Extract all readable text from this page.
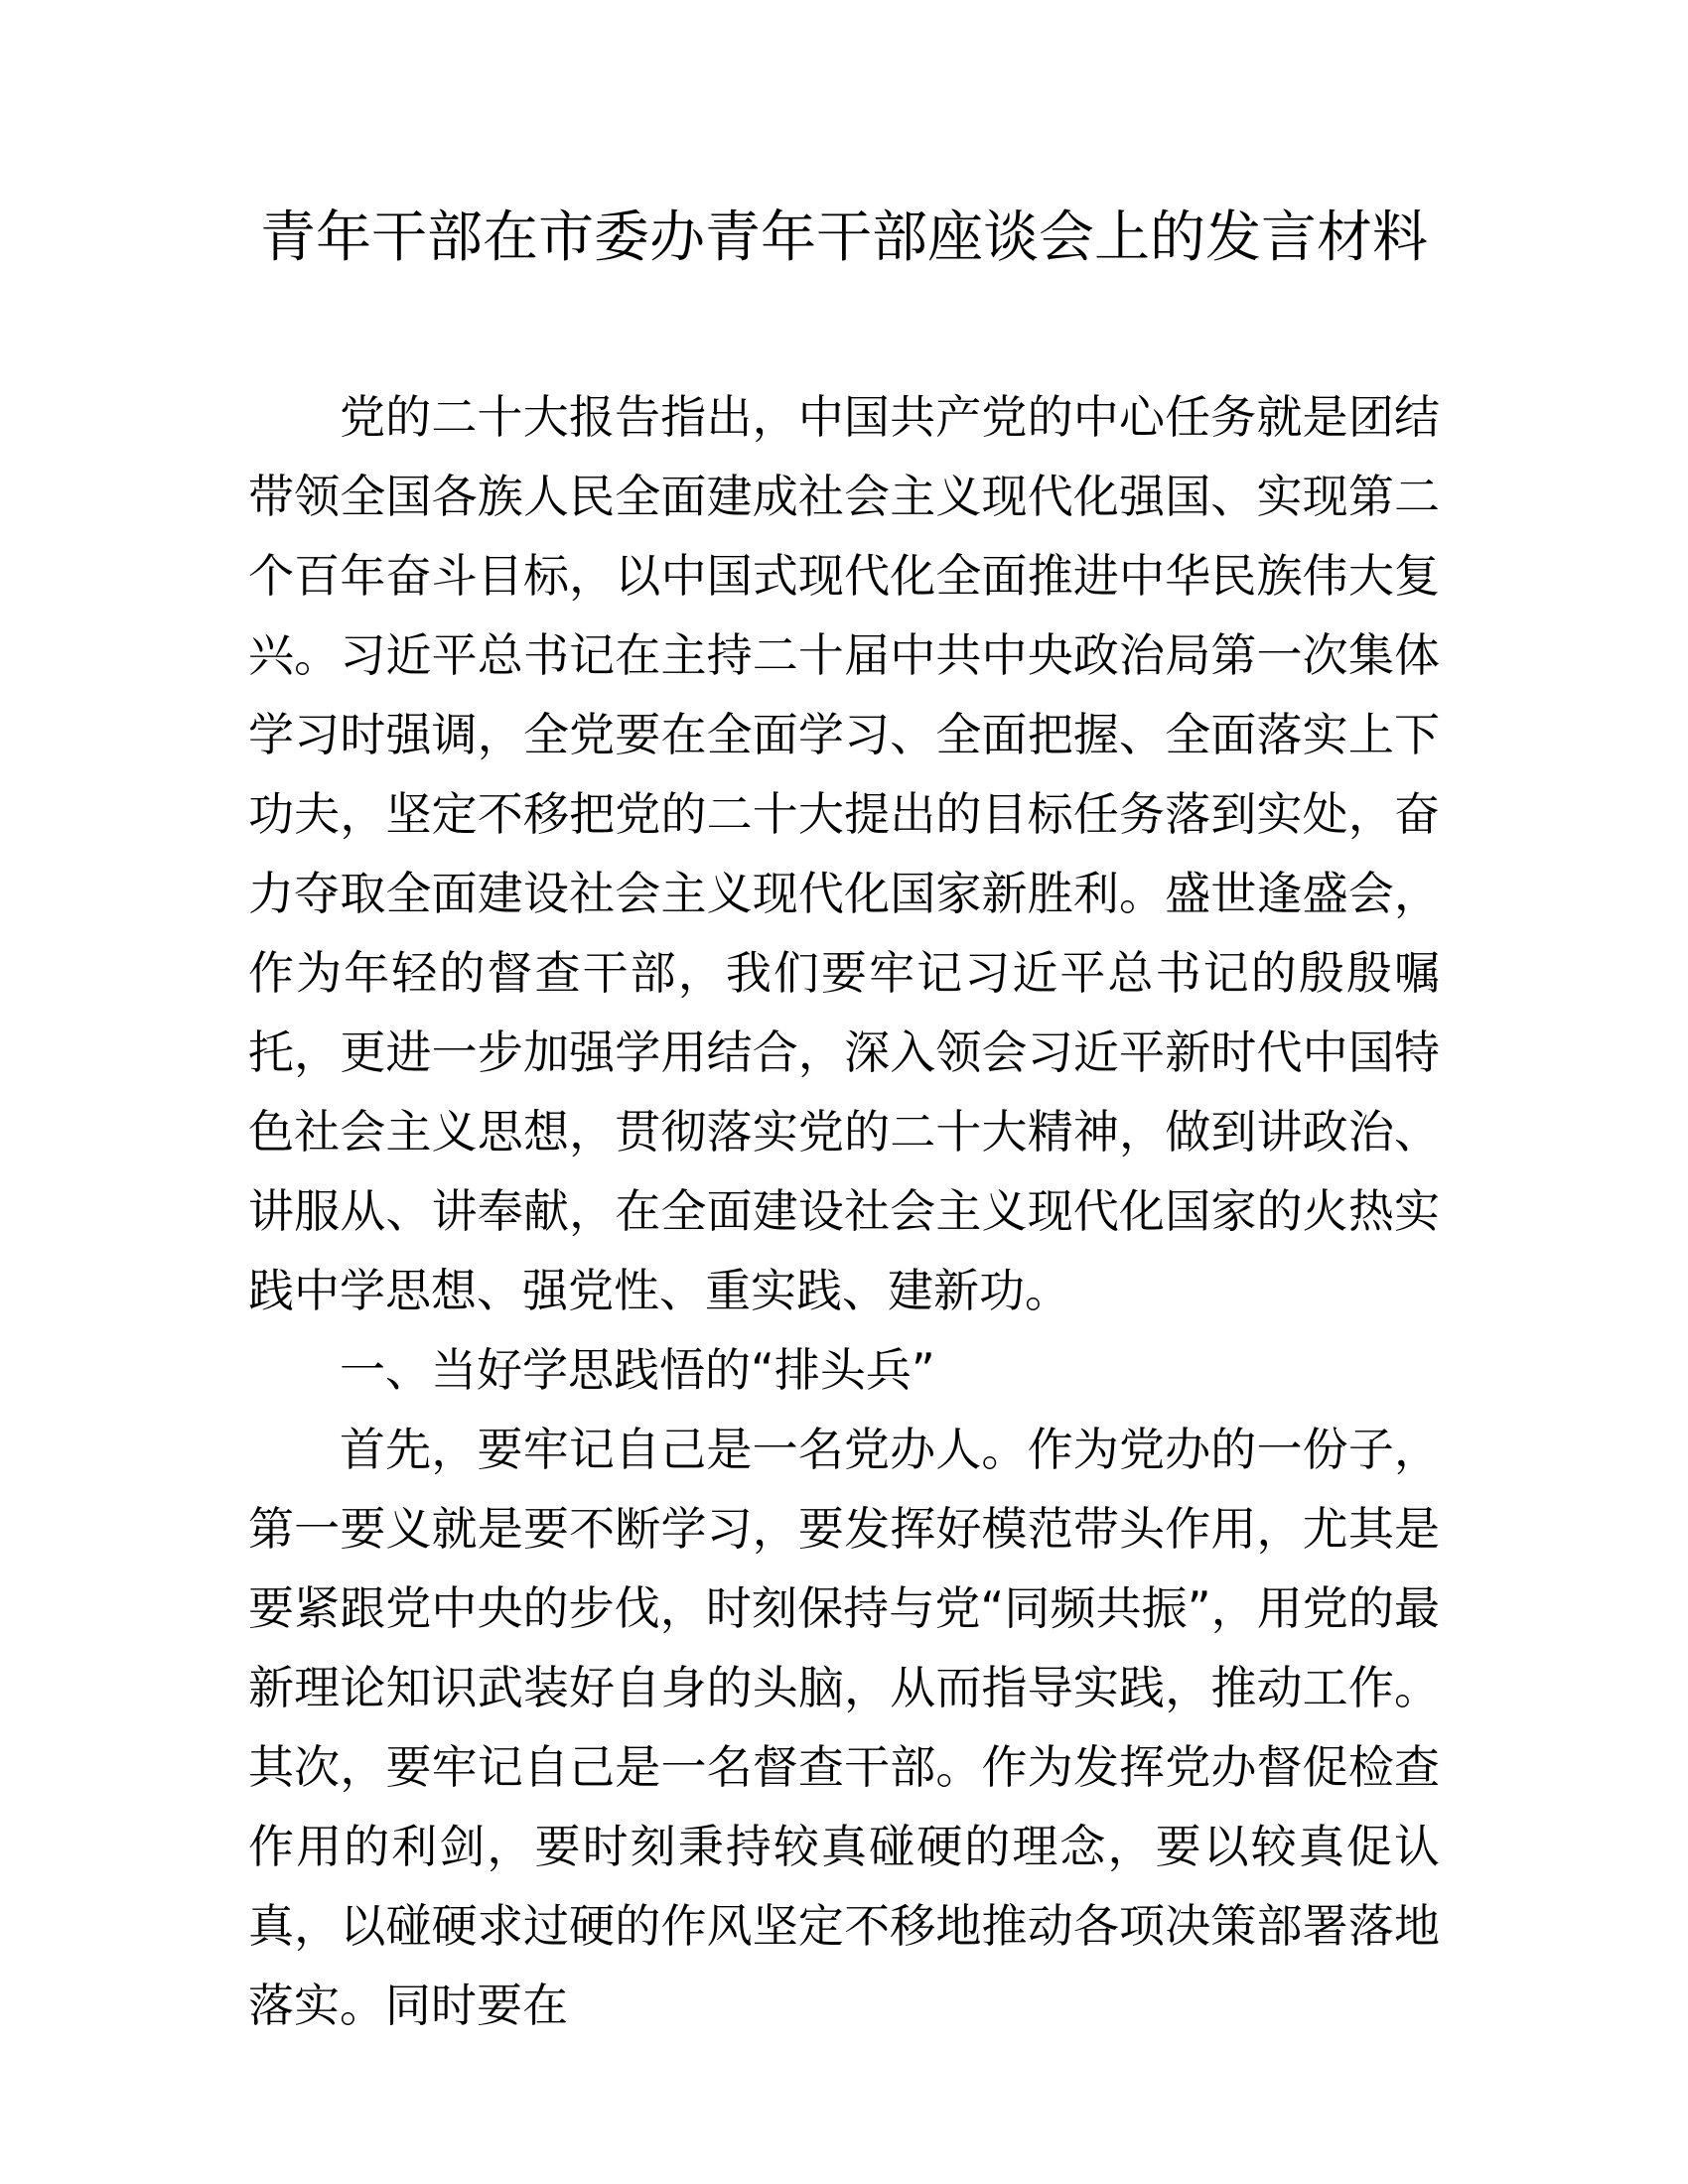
青年干部在市委办青年干部座谈会上的发言材料

党的二十大报告指出，中国共产党的中心任务就是团结带领全国各族人民全面建成社会主义现代化强国、实现第二个百年奋斗目标，以中国式现代化全面推进中华民族伟大复兴。习近平总书记在主持二十届中共中央政治局第一次集体学习时强调，全党要在全面学习、全面把握、全面落实上下功夫，坚定不移把党的二十大提出的目标任务落到实处，奋力夺取全面建设社会主义现代化国家新胜利。盛世逢盛会，作为年轻的督查干部，我们要牢记习近平总书记的殷殷嘱托，更进一步加强学用结合，深入领会习近平新时代中国特色社会主义思想，贯彻落实党的二十大精神，做到讲政治、讲服从、讲奉献，在全面建设社会主义现代化国家的火热实践中学思想、强党性、重实践、建新功。

一、当好学思践悟的“排头兵”

首先，要牢记自己是一名党办人。作为党办的一份子，第一要义就是要不断学习，要发挥好模范带头作用，尤其是要紧跟党中央的步伐，时刻保持与党“同频共振”，用党的最新理论知识武装好自身的头脑，从而指导实践，推动工作。其次，要牢记自己是一名督查干部。作为发挥党办督促检查作用的利剑，要时刻秉持较真碰硬的理念，要以较真促认真，以碰硬求过硬的作风坚定不移地推动各项决策部署落地落实。同时要在
